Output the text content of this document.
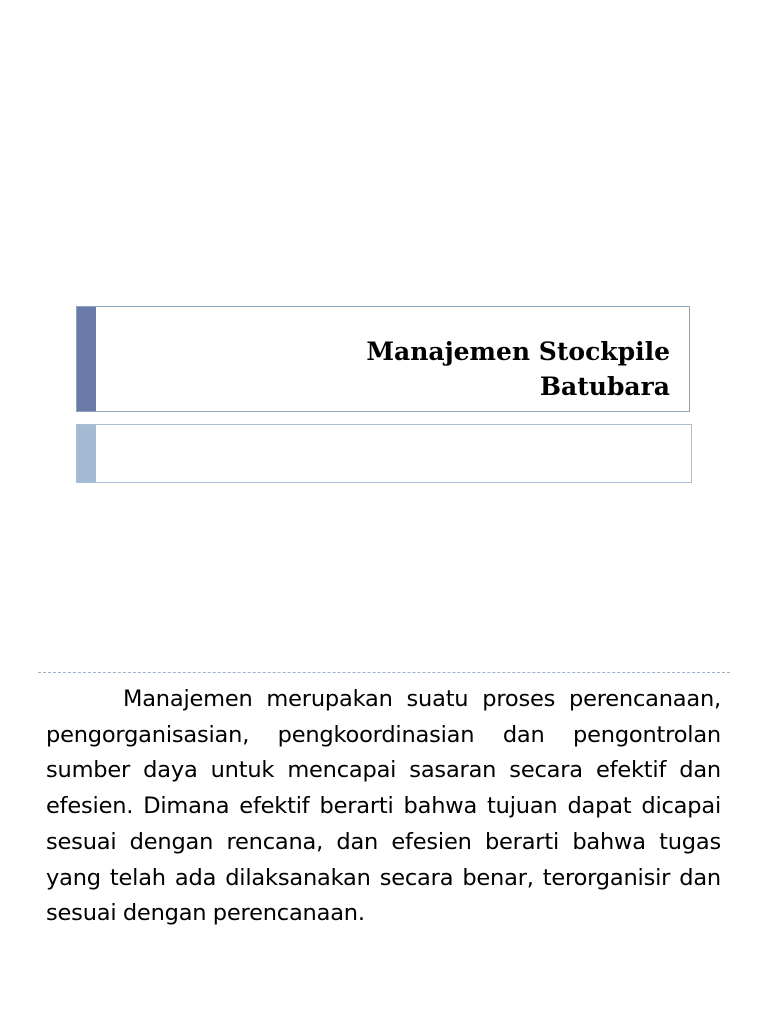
Manajemen Stockpile
Batubara

Manajemen merupakan suatu proses perencanaan, pengorganisasian, pengkoordinasian dan pengontrolan sumber daya untuk mencapai sasaran secara efektif dan efesien. Dimana efektif berarti bahwa tujuan dapat dicapai sesuai dengan rencana, dan efesien berarti bahwa tugas yang telah ada dilaksanakan secara benar, terorganisir dan sesuai dengan perencanaan.
